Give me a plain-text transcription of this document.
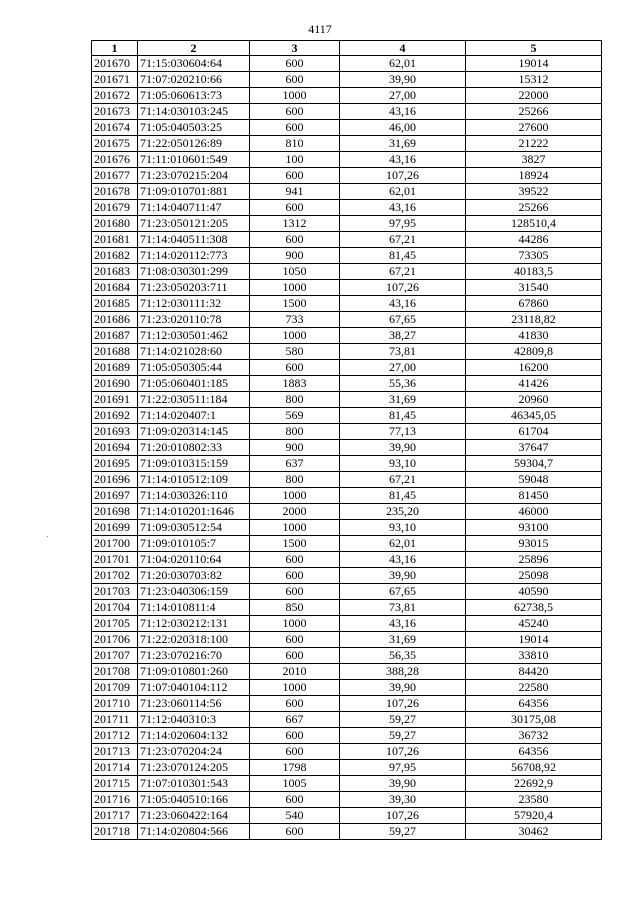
4117
1	2	3	4	5
201670	71:15:030604:64	600	62,01	19014
201671	71:07:020210:66	600	39,90	15312
201672	71:05:060613:73	1000	27,00	22000
201673	71:14:030103:245	600	43,16	25266
201674	71:05:040503:25	600	46,00	27600
201675	71:22:050126:89	810	31,69	21222
201676	71:11:010601:549	100	43,16	3827
201677	71:23:070215:204	600	107,26	18924
201678	71:09:010701:881	941	62,01	39522
201679	71:14:040711:47	600	43,16	25266
201680	71:23:050121:205	1312	97,95	128510,4
201681	71:14:040511:308	600	67,21	44286
201682	71:14:020112:773	900	81,45	73305
201683	71:08:030301:299	1050	67,21	40183,5
201684	71:23:050203:711	1000	107,26	31540
201685	71:12:030111:32	1500	43,16	67860
201686	71:23:020110:78	733	67,65	23118,82
201687	71:12:030501:462	1000	38,27	41830
201688	71:14:021028:60	580	73,81	42809,8
201689	71:05:050305:44	600	27,00	16200
201690	71:05:060401:185	1883	55,36	41426
201691	71:22:030511:184	800	31,69	20960
201692	71:14:020407:1	569	81,45	46345,05
201693	71:09:020314:145	800	77,13	61704
201694	71:20:010802:33	900	39,90	37647
201695	71:09:010315:159	637	93,10	59304,7
201696	71:14:010512:109	800	67,21	59048
201697	71:14:030326:110	1000	81,45	81450
201698	71:14:010201:1646	2000	235,20	46000
201699	71:09:030512:54	1000	93,10	93100
201700	71:09:010105:7	1500	62,01	93015
201701	71:04:020110:64	600	43,16	25896
201702	71:20:030703:82	600	39,90	25098
201703	71:23:040306:159	600	67,65	40590
201704	71:14:010811:4	850	73,81	62738,5
201705	71:12:030212:131	1000	43,16	45240
201706	71:22:020318:100	600	31,69	19014
201707	71:23:070216:70	600	56,35	33810
201708	71:09:010801:260	2010	388,28	84420
201709	71:07:040104:112	1000	39,90	22580
201710	71:23:060114:56	600	107,26	64356
201711	71:12:040310:3	667	59,27	30175,08
201712	71:14:020604:132	600	59,27	36732
201713	71:23:070204:24	600	107,26	64356
201714	71:23:070124:205	1798	97,95	56708,92
201715	71:07:010301:543	1005	39,90	22692,9
201716	71:05:040510:166	600	39,30	23580
201717	71:23:060422:164	540	107,26	57920,4
201718	71:14:020804:566	600	59,27	30462
